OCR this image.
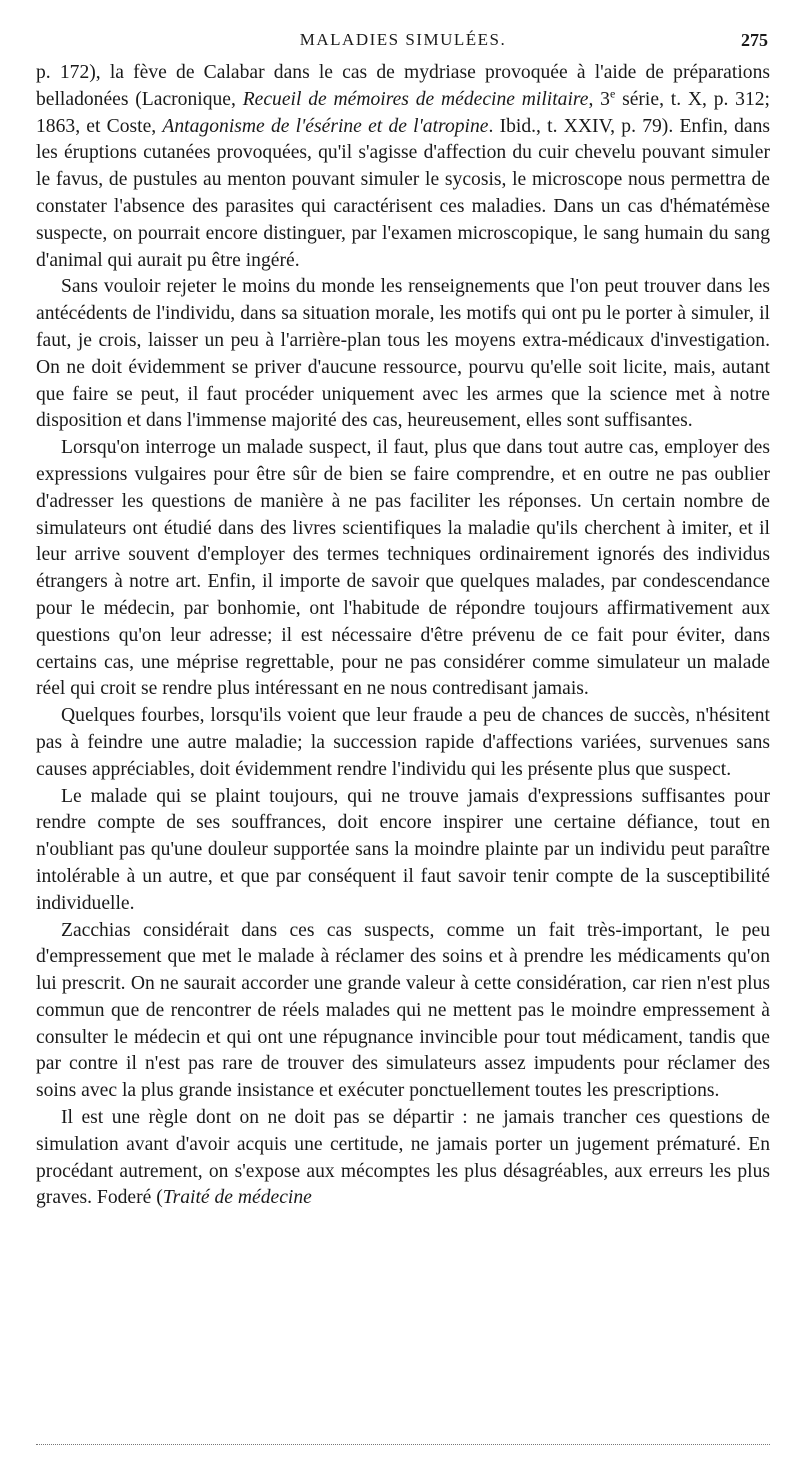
MALADIES SIMULÉES.	275

p. 172), la fève de Calabar dans le cas de mydriase provoquée à l'aide de préparations belladonées (Lacronique, Recueil de mémoires de médecine militaire, 3e série, t. X, p. 312; 1863, et Coste, Antagonisme de l'ésérine et de l'atropine. Ibid., t. XXIV, p. 79). Enfin, dans les éruptions cutanées provoquées, qu'il s'agisse d'affection du cuir chevelu pouvant simuler le favus, de pustules au menton pouvant simuler le sycosis, le microscope nous permettra de constater l'absence des parasites qui caractérisent ces maladies. Dans un cas d'hématémèse suspecte, on pourrait encore distinguer, par l'examen microscopique, le sang humain du sang d'animal qui aurait pu être ingéré.

Sans vouloir rejeter le moins du monde les renseignements que l'on peut trouver dans les antécédents de l'individu, dans sa situation morale, les motifs qui ont pu le porter à simuler, il faut, je crois, laisser un peu à l'arrière-plan tous les moyens extra-médicaux d'investigation. On ne doit évidemment se priver d'aucune ressource, pourvu qu'elle soit licite, mais, autant que faire se peut, il faut procéder uniquement avec les armes que la science met à notre disposition et dans l'immense majorité des cas, heureusement, elles sont suffisantes.

Lorsqu'on interroge un malade suspect, il faut, plus que dans tout autre cas, employer des expressions vulgaires pour être sûr de bien se faire comprendre, et en outre ne pas oublier d'adresser les questions de manière à ne pas faciliter les réponses. Un certain nombre de simulateurs ont étudié dans des livres scientifiques la maladie qu'ils cherchent à imiter, et il leur arrive souvent d'employer des termes techniques ordinairement ignorés des individus étrangers à notre art. Enfin, il importe de savoir que quelques malades, par condescendance pour le médecin, par bonhomie, ont l'habitude de répondre toujours affirmativement aux questions qu'on leur adresse; il est nécessaire d'être prévenu de ce fait pour éviter, dans certains cas, une méprise regrettable, pour ne pas considérer comme simulateur un malade réel qui croit se rendre plus intéressant en ne nous contredisant jamais.

Quelques fourbes, lorsqu'ils voient que leur fraude a peu de chances de succès, n'hésitent pas à feindre une autre maladie; la succession rapide d'affections variées, survenues sans causes appréciables, doit évidemment rendre l'individu qui les présente plus que suspect.

Le malade qui se plaint toujours, qui ne trouve jamais d'expressions suffisantes pour rendre compte de ses souffrances, doit encore inspirer une certaine défiance, tout en n'oubliant pas qu'une douleur supportée sans la moindre plainte par un individu peut paraître intolérable à un autre, et que par conséquent il faut savoir tenir compte de la susceptibilité individuelle.

Zacchias considérait dans ces cas suspects, comme un fait très-important, le peu d'empressement que met le malade à réclamer des soins et à prendre les médicaments qu'on lui prescrit. On ne saurait accorder une grande valeur à cette considération, car rien n'est plus commun que de rencontrer de réels malades qui ne mettent pas le moindre empressement à consulter le médecin et qui ont une répugnance invincible pour tout médicament, tandis que par contre il n'est pas rare de trouver des simulateurs assez impudents pour réclamer des soins avec la plus grande insistance et exécuter ponctuellement toutes les prescriptions.

Il est une règle dont on ne doit pas se départir : ne jamais trancher ces questions de simulation avant d'avoir acquis une certitude, ne jamais porter un jugement prématuré. En procédant autrement, on s'expose aux mécomptes les plus désagréables, aux erreurs les plus graves. Foderé (Traité de médecine
